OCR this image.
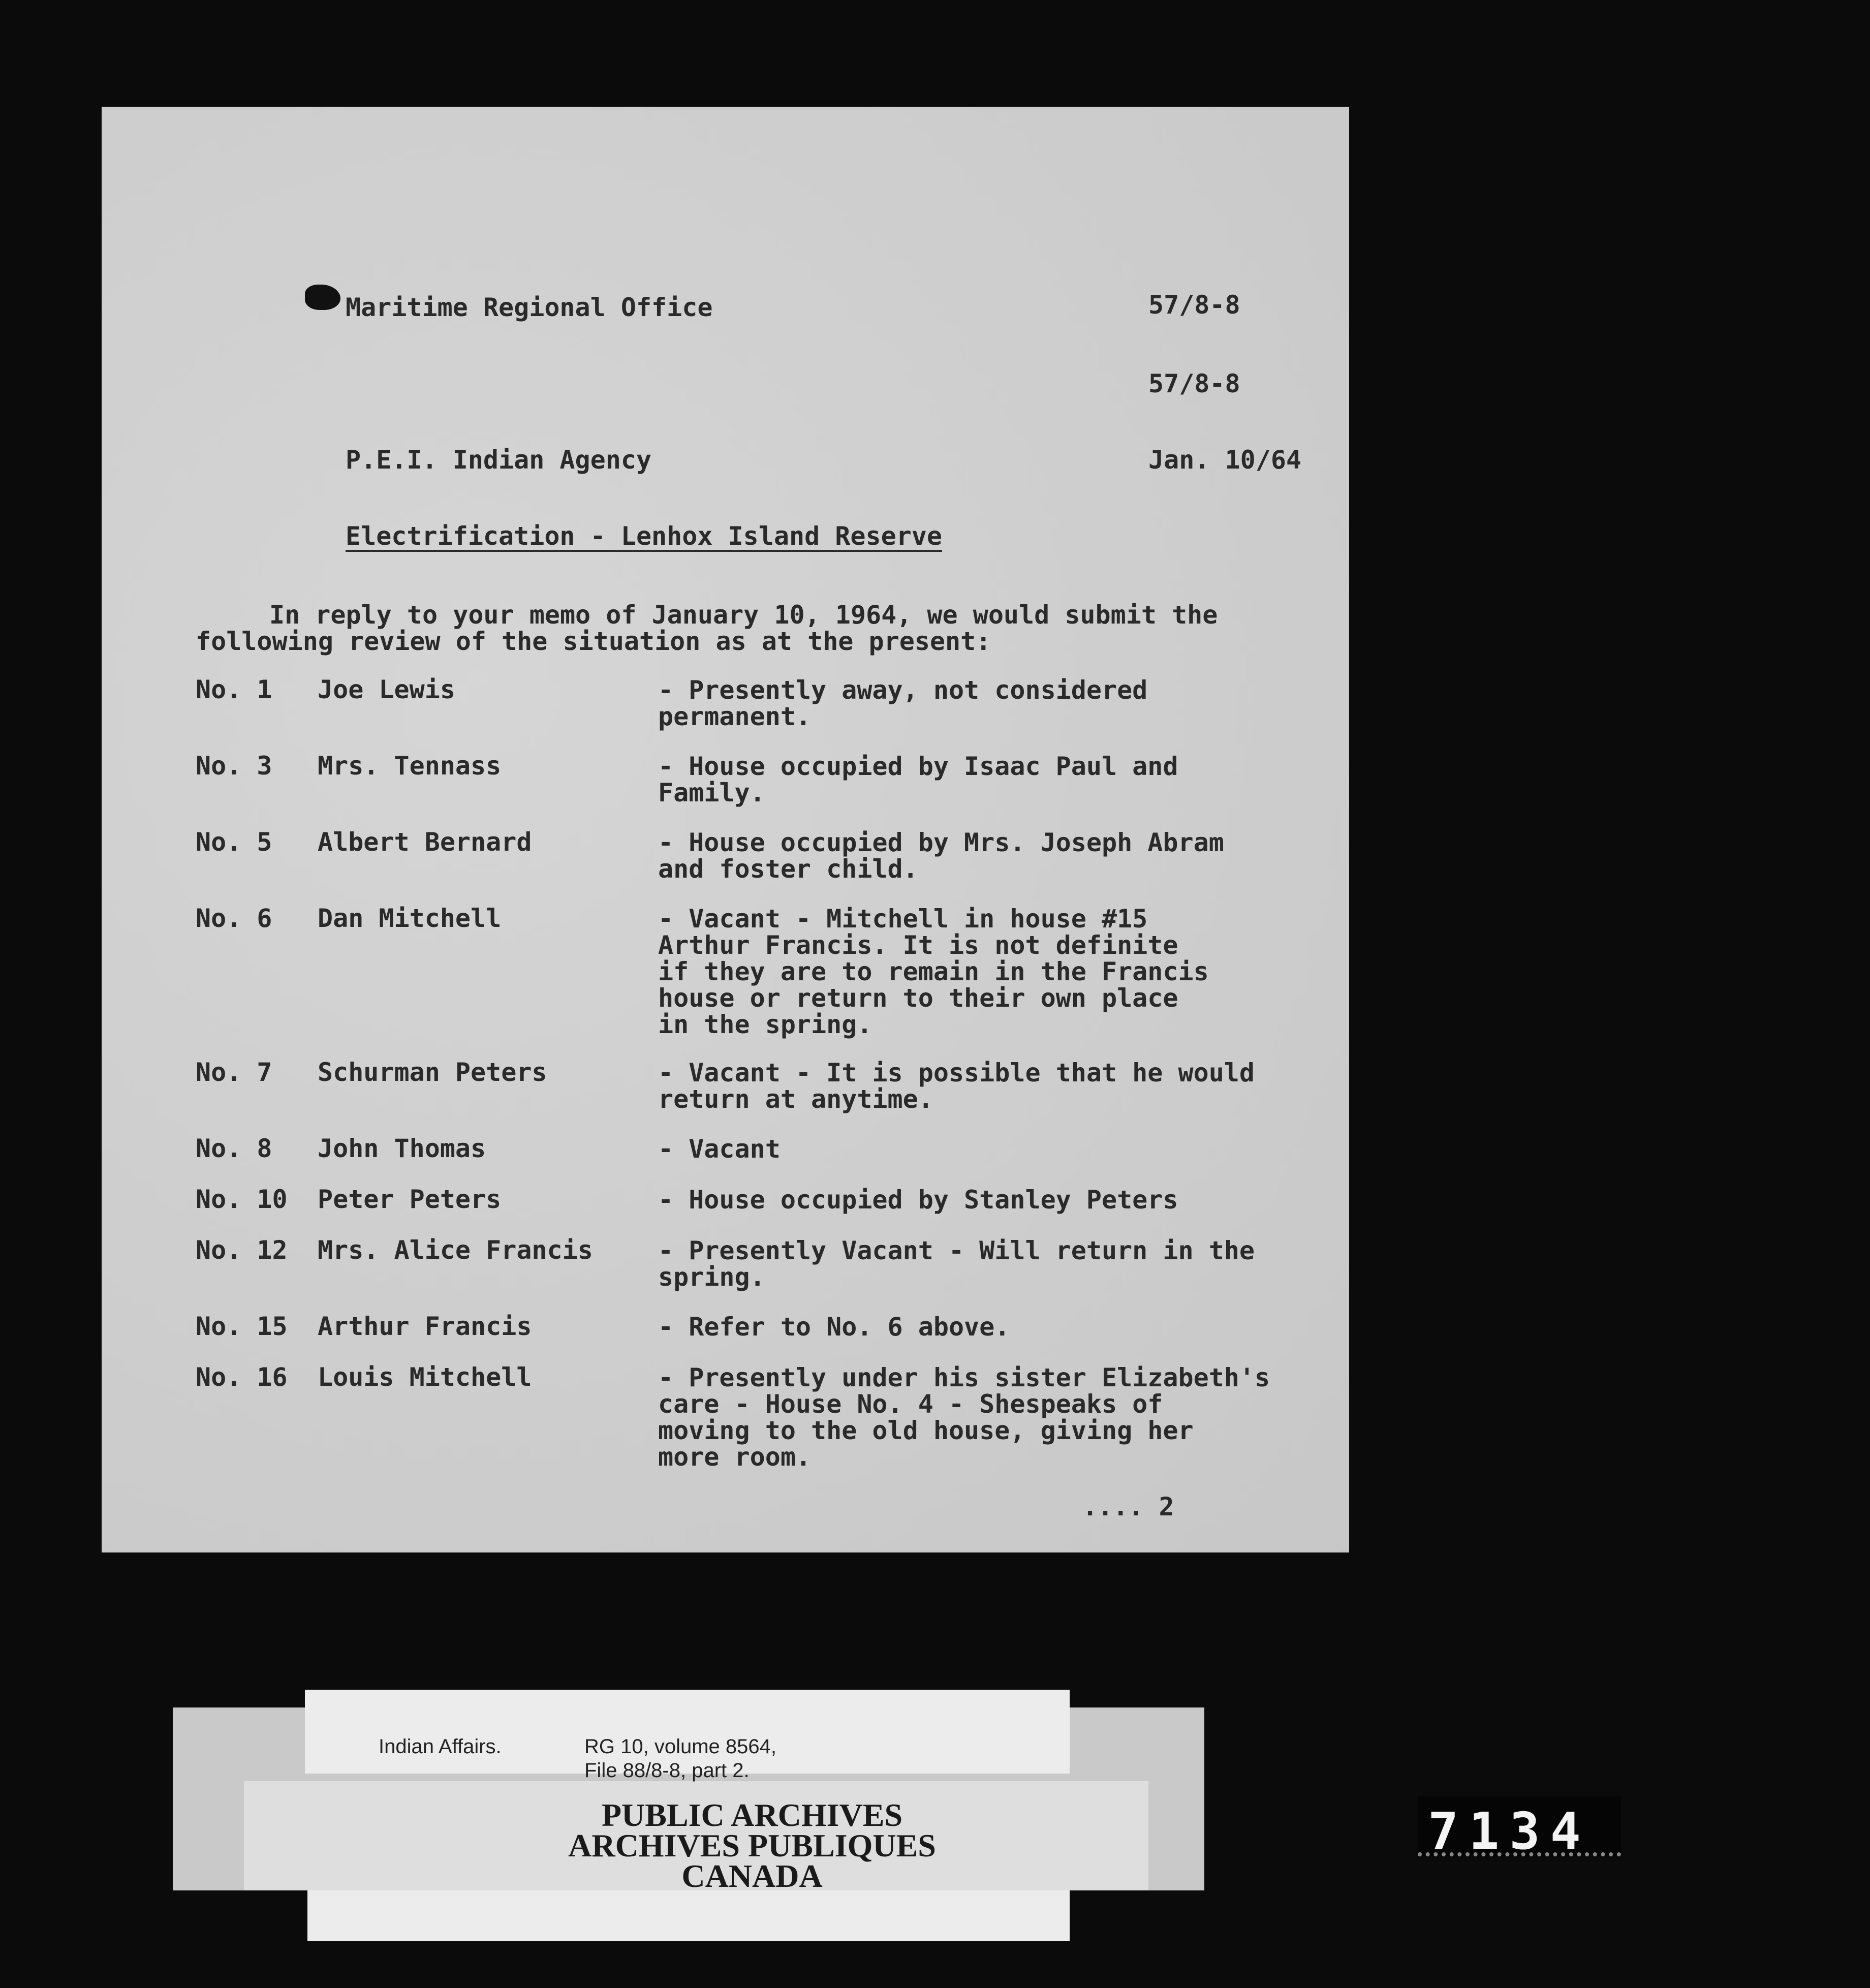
Maritime Regional Office	57/8-8
57/8-8
P.E.I. Indian Agency	Jan. 10/64
Electrification - Lenhox Island Reserve
In reply to your memo of January 10, 1964, we would submit the
following review of the situation as at the present:
No. 1 Joe Lewis	- Presently away, not considered
permanent.
No. 3 Mrs. Tennass	- House occupied by Isaac Paul and
Family.
No. 5 Albert Bernard	- House occupied by Mrs. Joseph Abram
and foster child.
No. 6 Dan Mitchell	- Vacant - Mitchell in house #15
Arthur Francis. It is not definite
if they are to remain in the Francis
house or return to their own place
in the spring.
No. 7 Schurman Peters	- Vacant - It is possible that he would
return at anytime.
No. 8 John Thomas	- Vacant
No. 10 Peter Peters	- House occupied by Stanley Peters
No. 12 Mrs. Alice Francis	- Presently Vacant - Will return in the
spring.
No. 15 Arthur Francis	- Refer to No. 6 above.
No. 16 Louis Mitchell	- Presently under his sister Elizabeth's
care - House No. 4 - Shespeaks of
moving to the old house, giving her
more room.
.... 2
Indian Affairs.	RG 10, volume 8564,
File 88/8-8, part 2.
PUBLIC ARCHIVES
ARCHIVES PUBLIQUES
CANADA
7134
